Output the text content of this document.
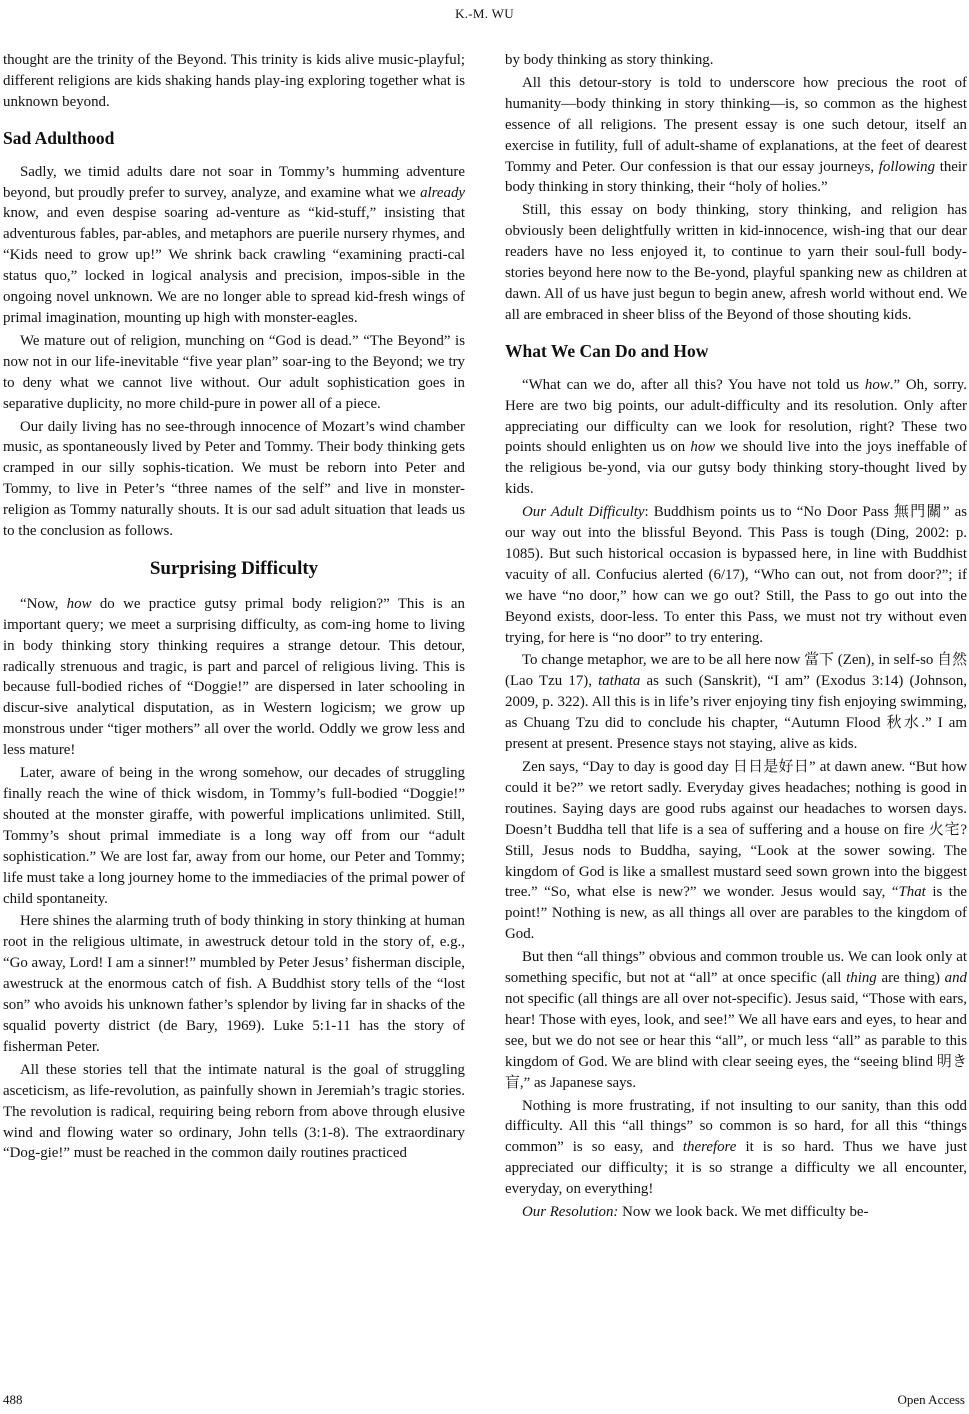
K.-M. WU

thought are the trinity of the Beyond. This trinity is kids alive music-playful; different religions are kids shaking hands play-ing exploring together what is unknown beyond.

Sad Adulthood

Sadly, we timid adults dare not soar in Tommy’s humming adventure beyond, but proudly prefer to survey, analyze, and examine what we already know, and even despise soaring ad-venture as “kid-stuff,” insisting that adventurous fables, par-ables, and metaphors are puerile nursery rhymes, and “Kids need to grow up!” We shrink back crawling “examining practi-cal status quo,” locked in logical analysis and precision, impos-sible in the ongoing novel unknown. We are no longer able to spread kid-fresh wings of primal imagination, mounting up high with monster-eagles.

We mature out of religion, munching on “God is dead.” “The Beyond” is now not in our life-inevitable “five year plan” soar-ing to the Beyond; we try to deny what we cannot live without. Our adult sophistication goes in separative duplicity, no more child-pure in power all of a piece.

Our daily living has no see-through innocence of Mozart’s wind chamber music, as spontaneously lived by Peter and Tommy. Their body thinking gets cramped in our silly sophis-tication. We must be reborn into Peter and Tommy, to live in Peter’s “three names of the self” and live in monster-religion as Tommy naturally shouts. It is our sad adult situation that leads us to the conclusion as follows.

Surprising Difficulty

“Now, how do we practice gutsy primal body religion?” This is an important query; we meet a surprising difficulty, as com-ing home to living in body thinking story thinking requires a strange detour. This detour, radically strenuous and tragic, is part and parcel of religious living. This is because full-bodied riches of “Doggie!” are dispersed in later schooling in discur-sive analytical disputation, as in Western logicism; we grow up monstrous under “tiger mothers” all over the world. Oddly we grow less and less mature!

Later, aware of being in the wrong somehow, our decades of struggling finally reach the wine of thick wisdom, in Tommy’s full-bodied “Doggie!” shouted at the monster giraffe, with powerful implications unlimited. Still, Tommy’s shout primal immediate is a long way off from our “adult sophistication.” We are lost far, away from our home, our Peter and Tommy; life must take a long journey home to the immediacies of the primal power of child spontaneity.

Here shines the alarming truth of body thinking in story thinking at human root in the religious ultimate, in awestruck detour told in the story of, e.g., “Go away, Lord! I am a sinner!” mumbled by Peter Jesus’ fisherman disciple, awestruck at the enormous catch of fish. A Buddhist story tells of the “lost son” who avoids his unknown father’s splendor by living far in shacks of the squalid poverty district (de Bary, 1969). Luke 5:1-11 has the story of fisherman Peter.

All these stories tell that the intimate natural is the goal of struggling asceticism, as life-revolution, as painfully shown in Jeremiah’s tragic stories. The revolution is radical, requiring being reborn from above through elusive wind and flowing water so ordinary, John tells (3:1-8). The extraordinary “Dog-gie!” must be reached in the common daily routines practiced

by body thinking as story thinking.

All this detour-story is told to underscore how precious the root of humanity—body thinking in story thinking—is, so common as the highest essence of all religions. The present essay is one such detour, itself an exercise in futility, full of adult-shame of explanations, at the feet of dearest Tommy and Peter. Our confession is that our essay journeys, following their body thinking in story thinking, their “holy of holies.”

Still, this essay on body thinking, story thinking, and religion has obviously been delightfully written in kid-innocence, wish-ing that our dear readers have no less enjoyed it, to continue to yarn their soul-full body-stories beyond here now to the Be-yond, playful spanking new as children at dawn. All of us have just begun to begin anew, afresh world without end. We all are embraced in sheer bliss of the Beyond of those shouting kids.

What We Can Do and How

“What can we do, after all this? You have not told us how.” Oh, sorry. Here are two big points, our adult-difficulty and its resolution. Only after appreciating our difficulty can we look for resolution, right? These two points should enlighten us on how we should live into the joys ineffable of the religious be-yond, via our gutsy body thinking story-thought lived by kids.

Our Adult Difficulty: Buddhism points us to “No Door Pass 無門關” as our way out into the blissful Beyond. This Pass is tough (Ding, 2002: p. 1085). But such historical occasion is bypassed here, in line with Buddhist vacuity of all. Confucius alerted (6/17), “Who can out, not from door?”; if we have “no door,” how can we go out? Still, the Pass to go out into the Beyond exists, door-less. To enter this Pass, we must not try without even trying, for here is “no door” to try entering.

To change metaphor, we are to be all here now 當下 (Zen), in self-so 自然 (Lao Tzu 17), tathata as such (Sanskrit), “I am” (Exodus 3:14) (Johnson, 2009, p. 322). All this is in life’s river enjoying tiny fish enjoying swimming, as Chuang Tzu did to conclude his chapter, “Autumn Flood 秋水.” I am present at present. Presence stays not staying, alive as kids.

Zen says, “Day to day is good day 日日是好日” at dawn anew. “But how could it be?” we retort sadly. Everyday gives headaches; nothing is good in routines. Saying days are good rubs against our headaches to worsen days. Doesn’t Buddha tell that life is a sea of suffering and a house on fire 火宅? Still, Jesus nods to Buddha, saying, “Look at the sower sowing. The kingdom of God is like a smallest mustard seed sown grown into the biggest tree.” “So, what else is new?” we wonder. Jesus would say, “That is the point!” Nothing is new, as all things all over are parables to the kingdom of God.

But then “all things” obvious and common trouble us. We can look only at something specific, but not at “all” at once specific (all thing are thing) and not specific (all things are all over not-specific). Jesus said, “Those with ears, hear! Those with eyes, look, and see!” We all have ears and eyes, to hear and see, but we do not see or hear this “all”, or much less “all” as parable to this kingdom of God. We are blind with clear seeing eyes, the “seeing blind 明き盲,” as Japanese says.

Nothing is more frustrating, if not insulting to our sanity, than this odd difficulty. All this “all things” so common is so hard, for all this “things common” is so easy, and therefore it is so hard. Thus we have just appreciated our difficulty; it is so strange a difficulty we all encounter, everyday, on everything!

Our Resolution: Now we look back. We met difficulty be-

488	Open Access
